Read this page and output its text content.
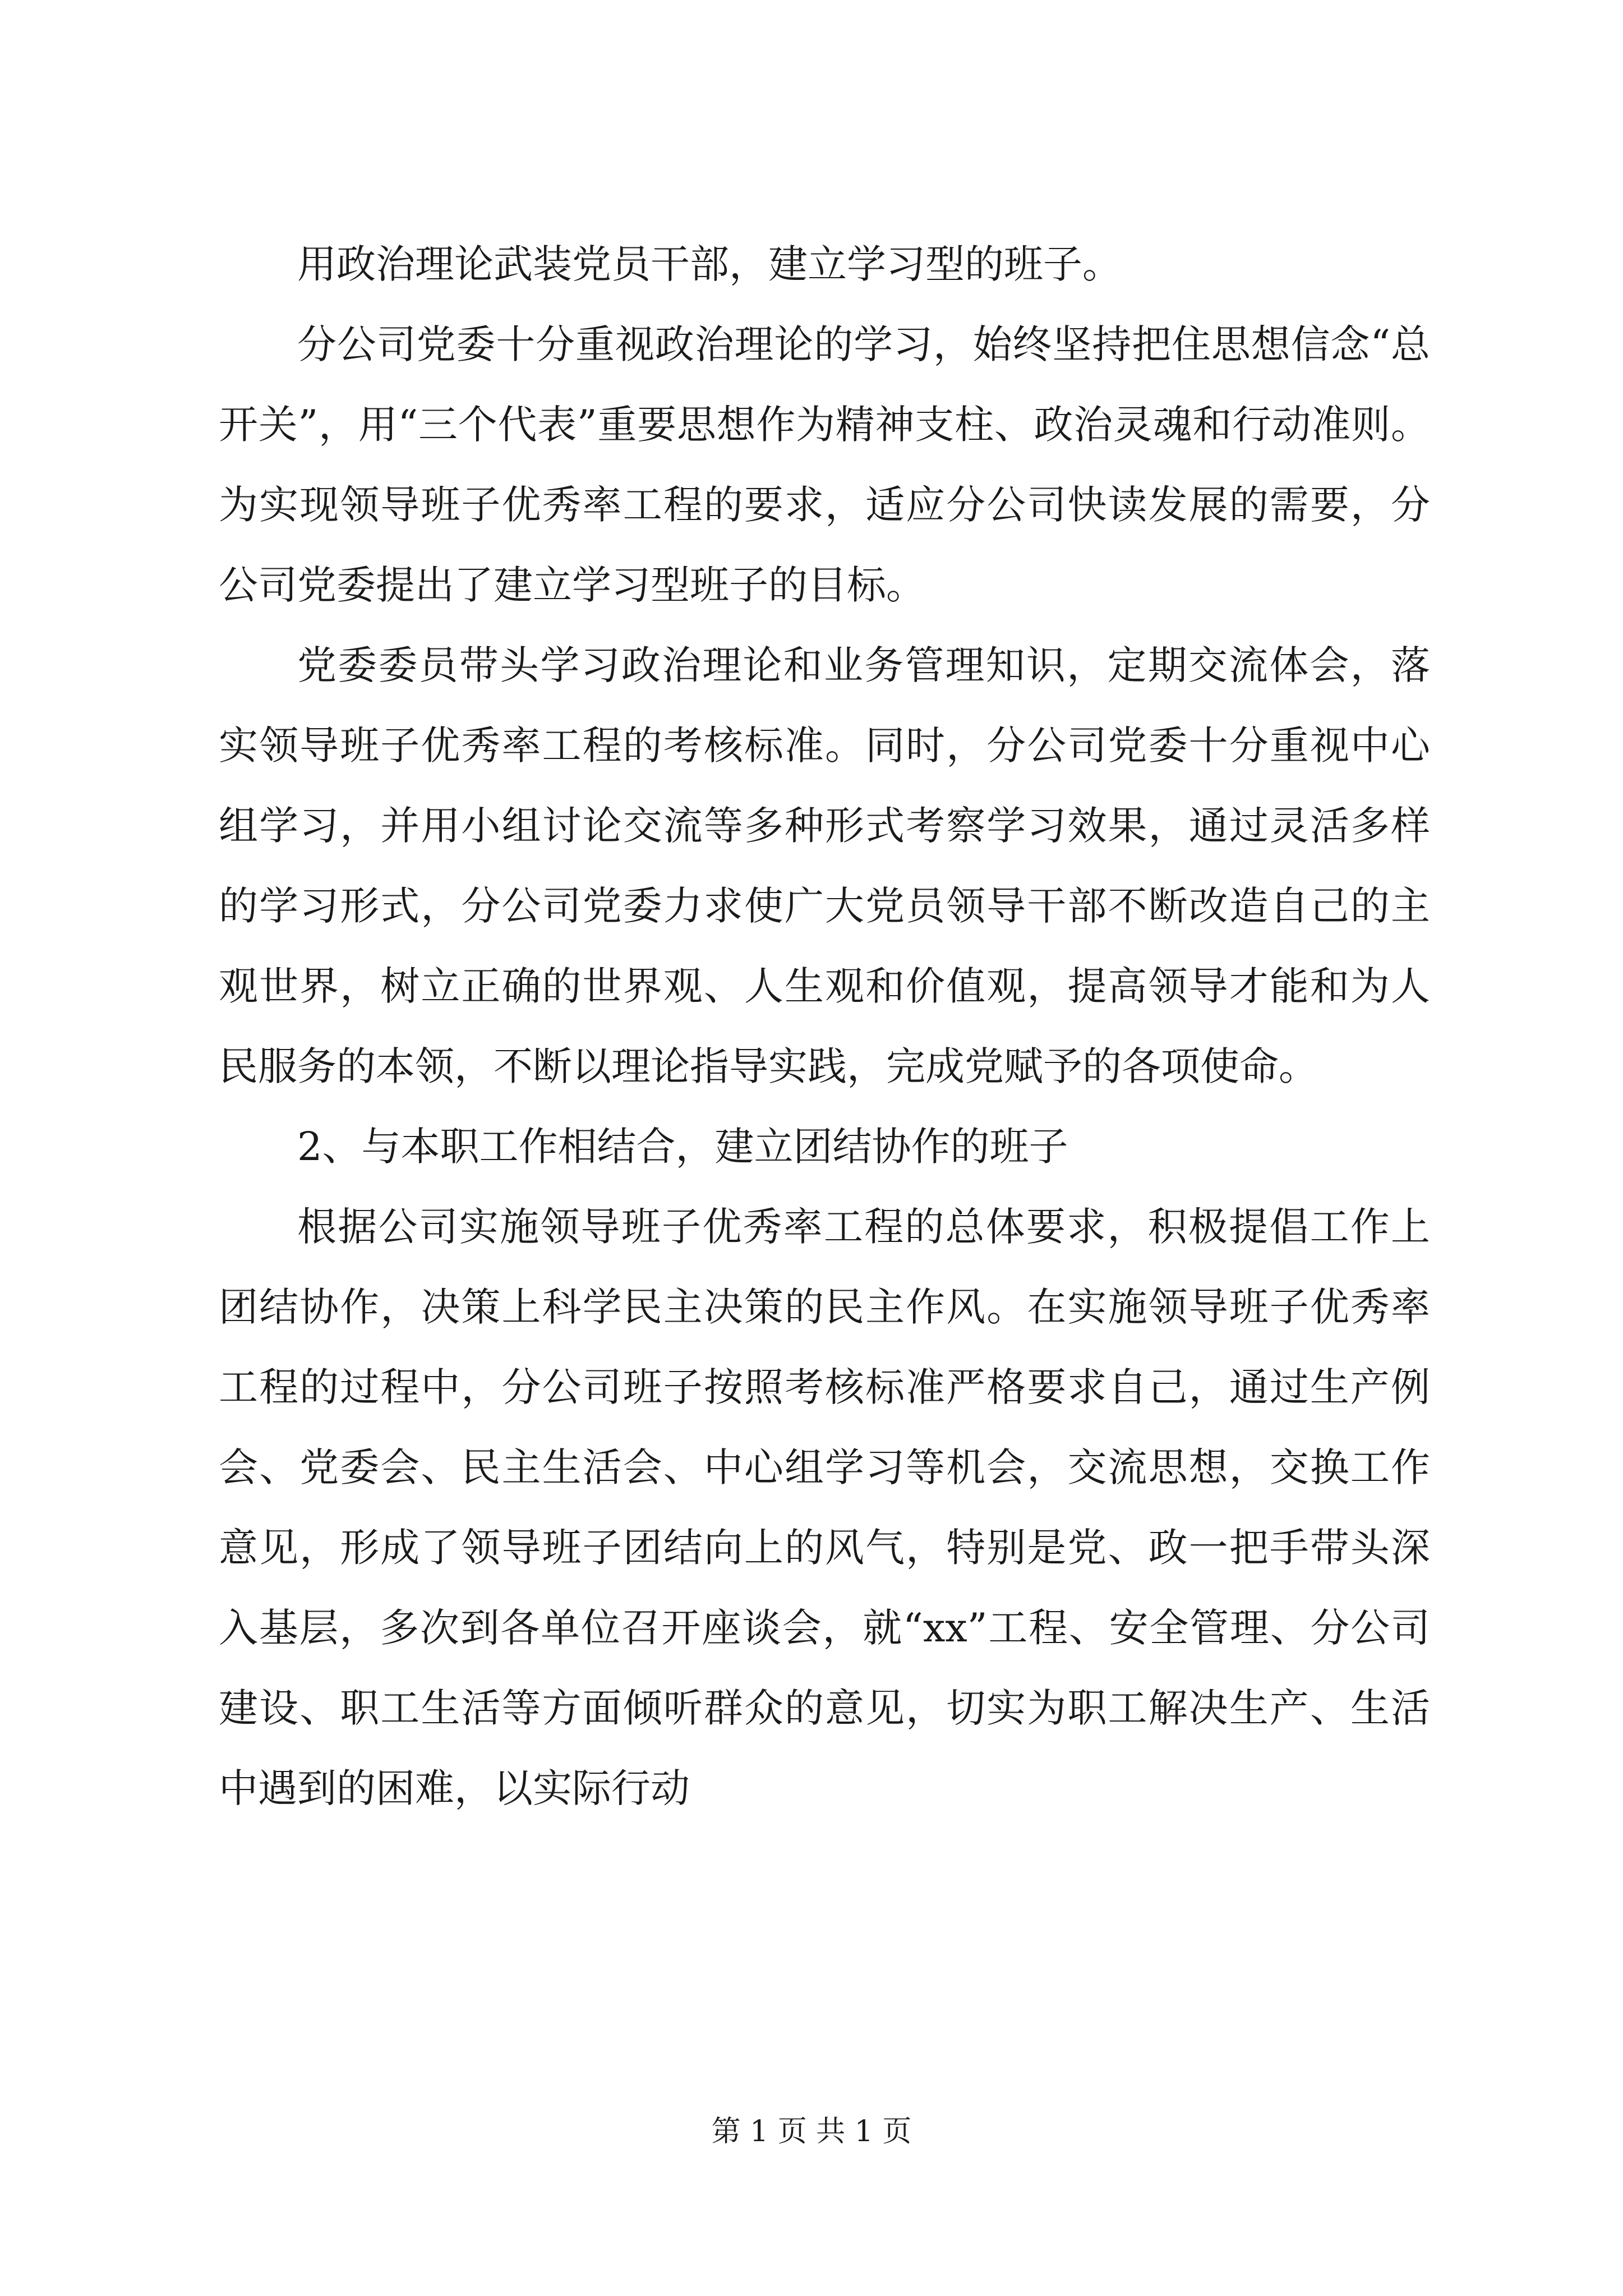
用政治理论武装党员干部，建立学习型的班子。

分公司党委十分重视政治理论的学习，始终坚持把住思想信念“总开关”，用“三个代表”重要思想作为精神支柱、政治灵魂和行动准则。为实现领导班子优秀率工程的要求，适应分公司快读发展的需要，分公司党委提出了建立学习型班子的目标。

党委委员带头学习政治理论和业务管理知识，定期交流体会，落实领导班子优秀率工程的考核标准。同时，分公司党委十分重视中心组学习，并用小组讨论交流等多种形式考察学习效果，通过灵活多样的学习形式，分公司党委力求使广大党员领导干部不断改造自己的主观世界，树立正确的世界观、人生观和价值观，提高领导才能和为人民服务的本领，不断以理论指导实践，完成党赋予的各项使命。

2、与本职工作相结合，建立团结协作的班子

根据公司实施领导班子优秀率工程的总体要求，积极提倡工作上团结协作，决策上科学民主决策的民主作风。在实施领导班子优秀率工程的过程中，分公司班子按照考核标准严格要求自己，通过生产例会、党委会、民主生活会、中心组学习等机会，交流思想，交换工作意见，形成了领导班子团结向上的风气，特别是党、政一把手带头深入基层，多次到各单位召开座谈会，就“xx”工程、安全管理、分公司建设、职工生活等方面倾听群众的意见，切实为职工解决生产、生活中遇到的困难，以实际行动

第 1 页 共 1 页
